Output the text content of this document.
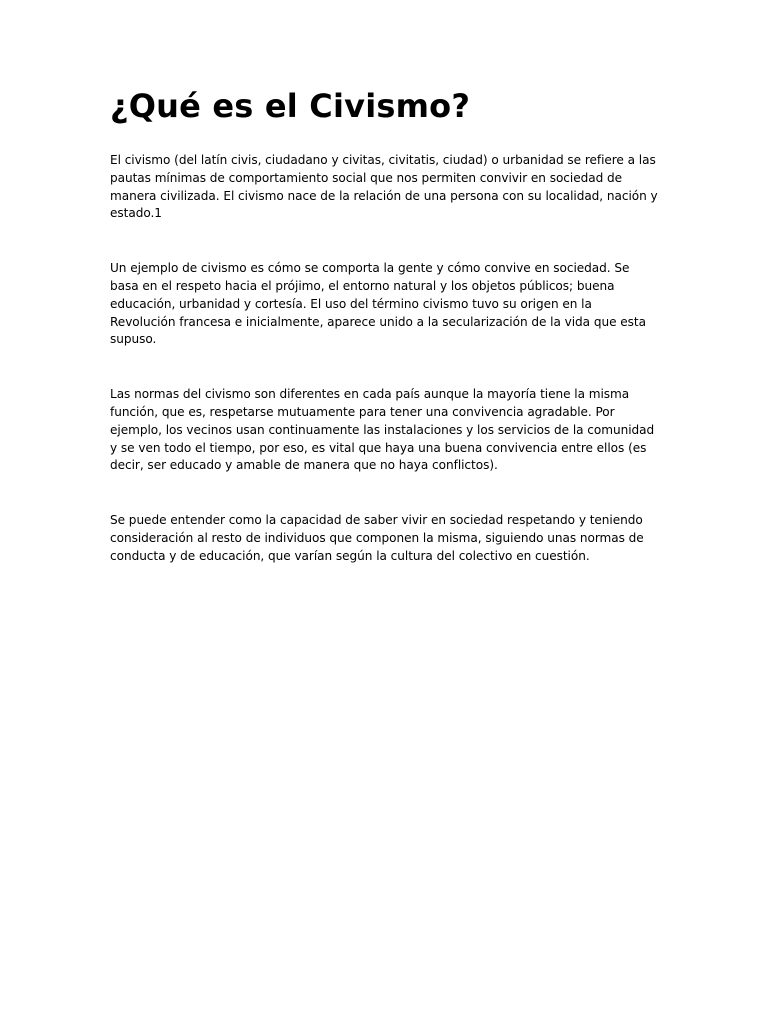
¿Qué es el Civismo?

El civismo (del latín civis, ciudadano y civitas, civitatis, ciudad) o urbanidad se refiere a las pautas mínimas de comportamiento social que nos permiten convivir en sociedad de manera civilizada. El civismo nace de la relación de una persona con su localidad, nación y estado.1

Un ejemplo de civismo es cómo se comporta la gente y cómo convive en sociedad. Se basa en el respeto hacia el prójimo, el entorno natural y los objetos públicos; buena educación, urbanidad y cortesía. El uso del término civismo tuvo su origen en la Revolución francesa e inicialmente, aparece unido a la secularización de la vida que esta supuso.

Las normas del civismo son diferentes en cada país aunque la mayoría tiene la misma función, que es, respetarse mutuamente para tener una convivencia agradable. Por ejemplo, los vecinos usan continuamente las instalaciones y los servicios de la comunidad y se ven todo el tiempo, por eso, es vital que haya una buena convivencia entre ellos (es decir, ser educado y amable de manera que no haya conflictos).

Se puede entender como la capacidad de saber vivir en sociedad respetando y teniendo consideración al resto de individuos que componen la misma, siguiendo unas normas de conducta y de educación, que varían según la cultura del colectivo en cuestión.
